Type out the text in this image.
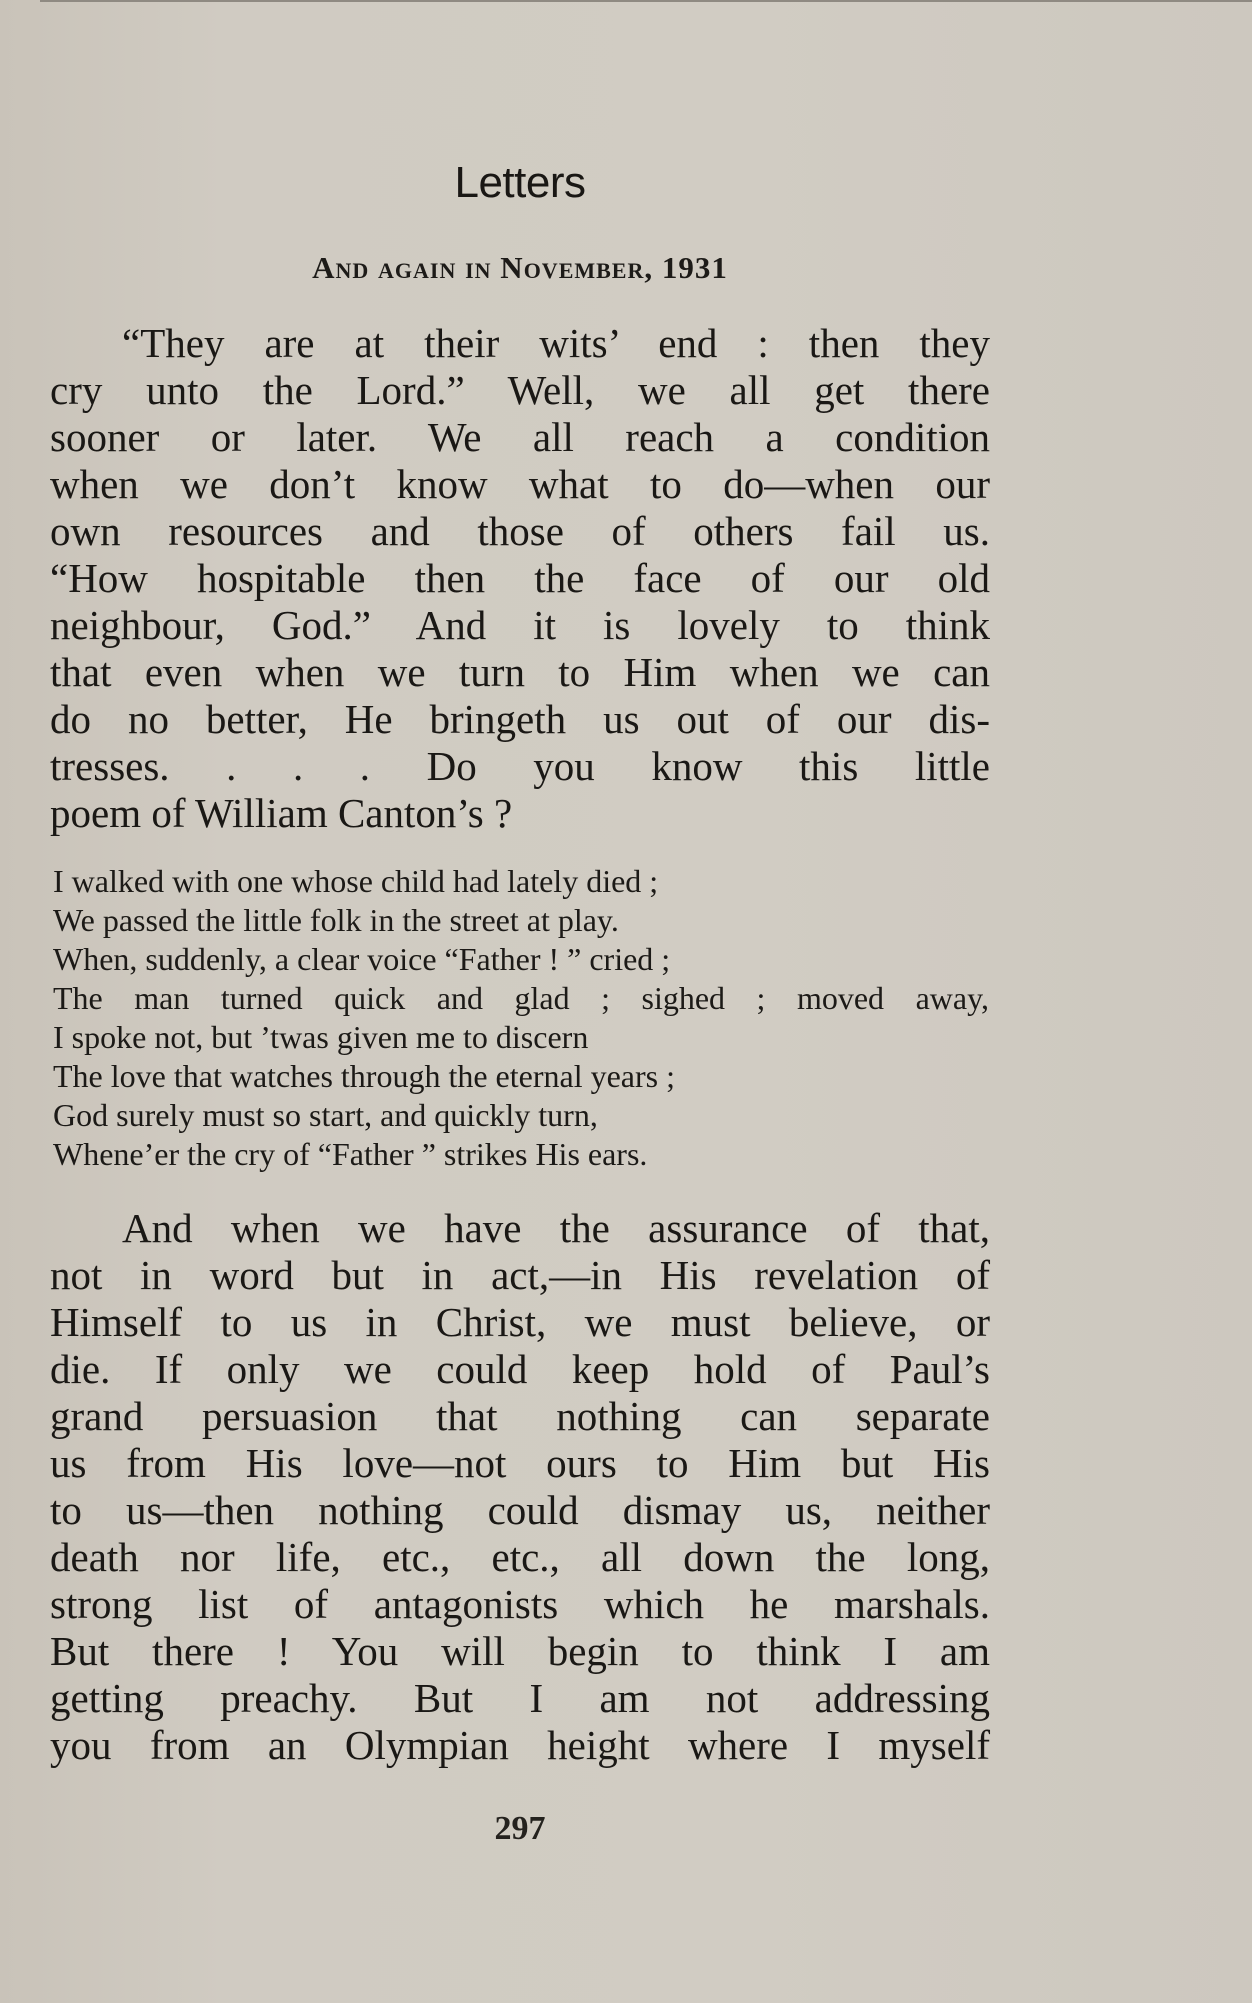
Letters
And again in November, 1931
“They are at their wits’ end : then they
cry unto the Lord.” Well, we all get there
sooner or later. We all reach a condition
when we don’t know what to do—when our
own resources and those of others fail us.
“How hospitable then the face of our old
neighbour, God.” And it is lovely to think
that even when we turn to Him when we can
do no better, He bringeth us out of our dis-
tresses. . . . Do you know this little
poem of William Canton’s ?
I walked with one whose child had lately died ;
We passed the little folk in the street at play.
When, suddenly, a clear voice “Father ! ” cried ;
The man turned quick and glad ; sighed ; moved away,
I spoke not, but ’twas given me to discern
The love that watches through the eternal years ;
God surely must so start, and quickly turn,
Whene’er the cry of “Father ” strikes His ears.
And when we have the assurance of that,
not in word but in act,—in His revelation of
Himself to us in Christ, we must believe, or
die. If only we could keep hold of Paul’s
grand persuasion that nothing can separate
us from His love—not ours to Him but His
to us—then nothing could dismay us, neither
death nor life, etc., etc., all down the long,
strong list of antagonists which he marshals.
But there ! You will begin to think I am
getting preachy. But I am not addressing
you from an Olympian height where I myself
297
